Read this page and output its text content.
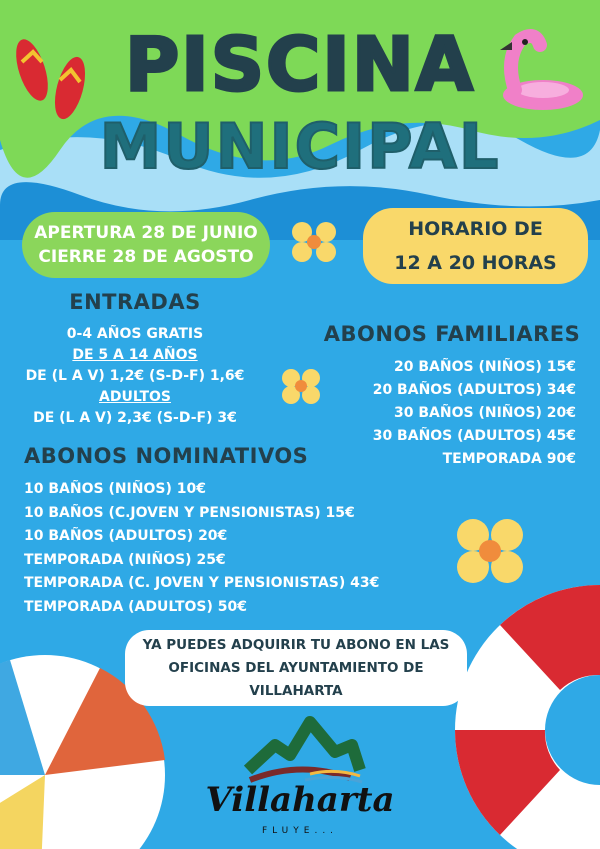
PISCINA
MUNICIPAL
APERTURA 28 DE JUNIO
CIERRE 28 DE AGOSTO
HORARIO DE
12 A 20 HORAS
ENTRADAS
0-4 AÑOS GRATIS
DE 5 A 14 AÑOS
DE (L A V) 1,2€ (S-D-F) 1,6€
ADULTOS
DE (L A V) 2,3€ (S-D-F) 3€
ABONOS FAMILIARES
20 BAÑOS (NIÑOS) 15€
20 BAÑOS (ADULTOS) 34€
30 BAÑOS (NIÑOS) 20€
30 BAÑOS (ADULTOS) 45€
TEMPORADA 90€
ABONOS NOMINATIVOS
10 BAÑOS (NIÑOS) 10€
10 BAÑOS (C.JOVEN Y PENSIONISTAS) 15€
10 BAÑOS (ADULTOS) 20€
TEMPORADA (NIÑOS) 25€
TEMPORADA (C. JOVEN Y PENSIONISTAS) 43€
TEMPORADA (ADULTOS) 50€
YA PUEDES ADQUIRIR TU ABONO EN LAS
OFICINAS DEL AYUNTAMIENTO DE
VILLAHARTA
Villaharta
FLUYE...
